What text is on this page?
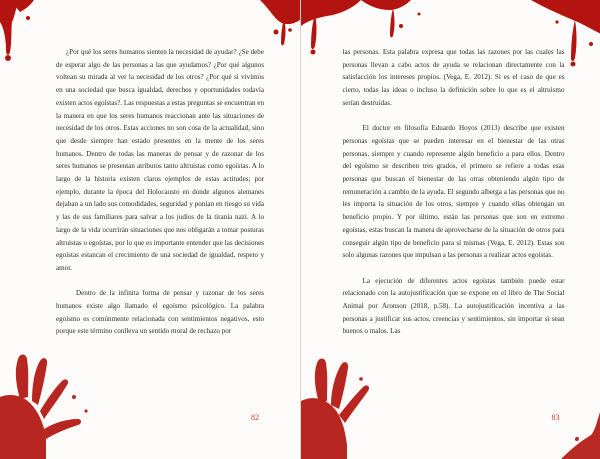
¿Por qué los seres humanos sienten la necesidad de ayudar? ¿Se debe de esperar algo de las personas a las que ayudamos? ¿Por qué algunos voltean su mirada al ver la necesidad de los otros? ¿Por qué si vivimos en una sociedad que busca igualdad, derechos y oportunidades todavía existen actos egoístas?. Las respuestas a estas preguntas se encuentran en la manera en que los seres humanos reaccionan ante las situaciones de necesidad de los otros. Estas acciones no son cosa de la actualidad, sino que desde siempre han estado presentes en la mente de los seres humanos. Dentro de todas las maneras de pensar y de razonar de los seres humanos se presentan atributos tanto altruistas como egoístas. A lo largo de la historia existen claros ejemplos de estas actitudes; por ejemplo, durante la época del Holocausto en donde algunos alemanes dejaban a un lado sus comodidades, seguridad y ponían en riesgo su vida y las de sus familiares para salvar a los judíos de la tiranía nazi. A lo largo de la vida ocurrirán situaciones que nos obligarán a tomar posturas altruistas o egoístas, por lo que es importante entender que las decisiones egoístas estancan el crecimiento de una sociedad de igualdad, respeto y amor.

Dentro de la infinita forma de pensar y razonar de los seres humanos existe algo llamado el egoísmo psicológico. La palabra egoísmo es comúnmente relacionada con sentimientos negativos, esto porque este término conlleva un sentido moral de rechazo por

82

las personas. Esta palabra expresa que todas las razones por las cuales las personas llevan a cabo actos de ayuda se relacionan directamente con la satisfacción los intereses propios. (Vega, E. 2012). Si es el caso de que es cierto, todas las ideas o incluso la definición sobre lo que es el altruismo serían destruidas.

El doctor en filosofía Eduardo Hoyos (2013) describe que existen personas egoístas que se pueden interesar en el bienestar de las otras personas, siempre y cuando represente algún beneficio a para ellos. Dentro del egoísmo se describen tres grados, el primero se refiere a todas esas personas que buscan el bienestar de las otras obteniendo algún tipo de remuneración a cambio de la ayuda. El segundo alberga a las personas que no les importa la situación de los otros, siempre y cuando ellas obtengan un beneficio propio. Y por último, están las personas que son en extremo egoístas, estas buscan la manera de aprovecharse de la situación de otros para conseguir algún tipo de beneficio para sí mismas (Vega, E. 2012). Estas son solo algunas razones que impulsan a las personas a realizar actos egoístas.

La ejecución de diferentes actos egoístas también puede estar relacionado con la autojustificación que se expone en el libro de The Social Animal por Aronson (2018, p.58). La autojustificación incentiva a las personas a justificar sus actos, creencias y sentimientos, sin importar si sean buenos o malos. Las

83
